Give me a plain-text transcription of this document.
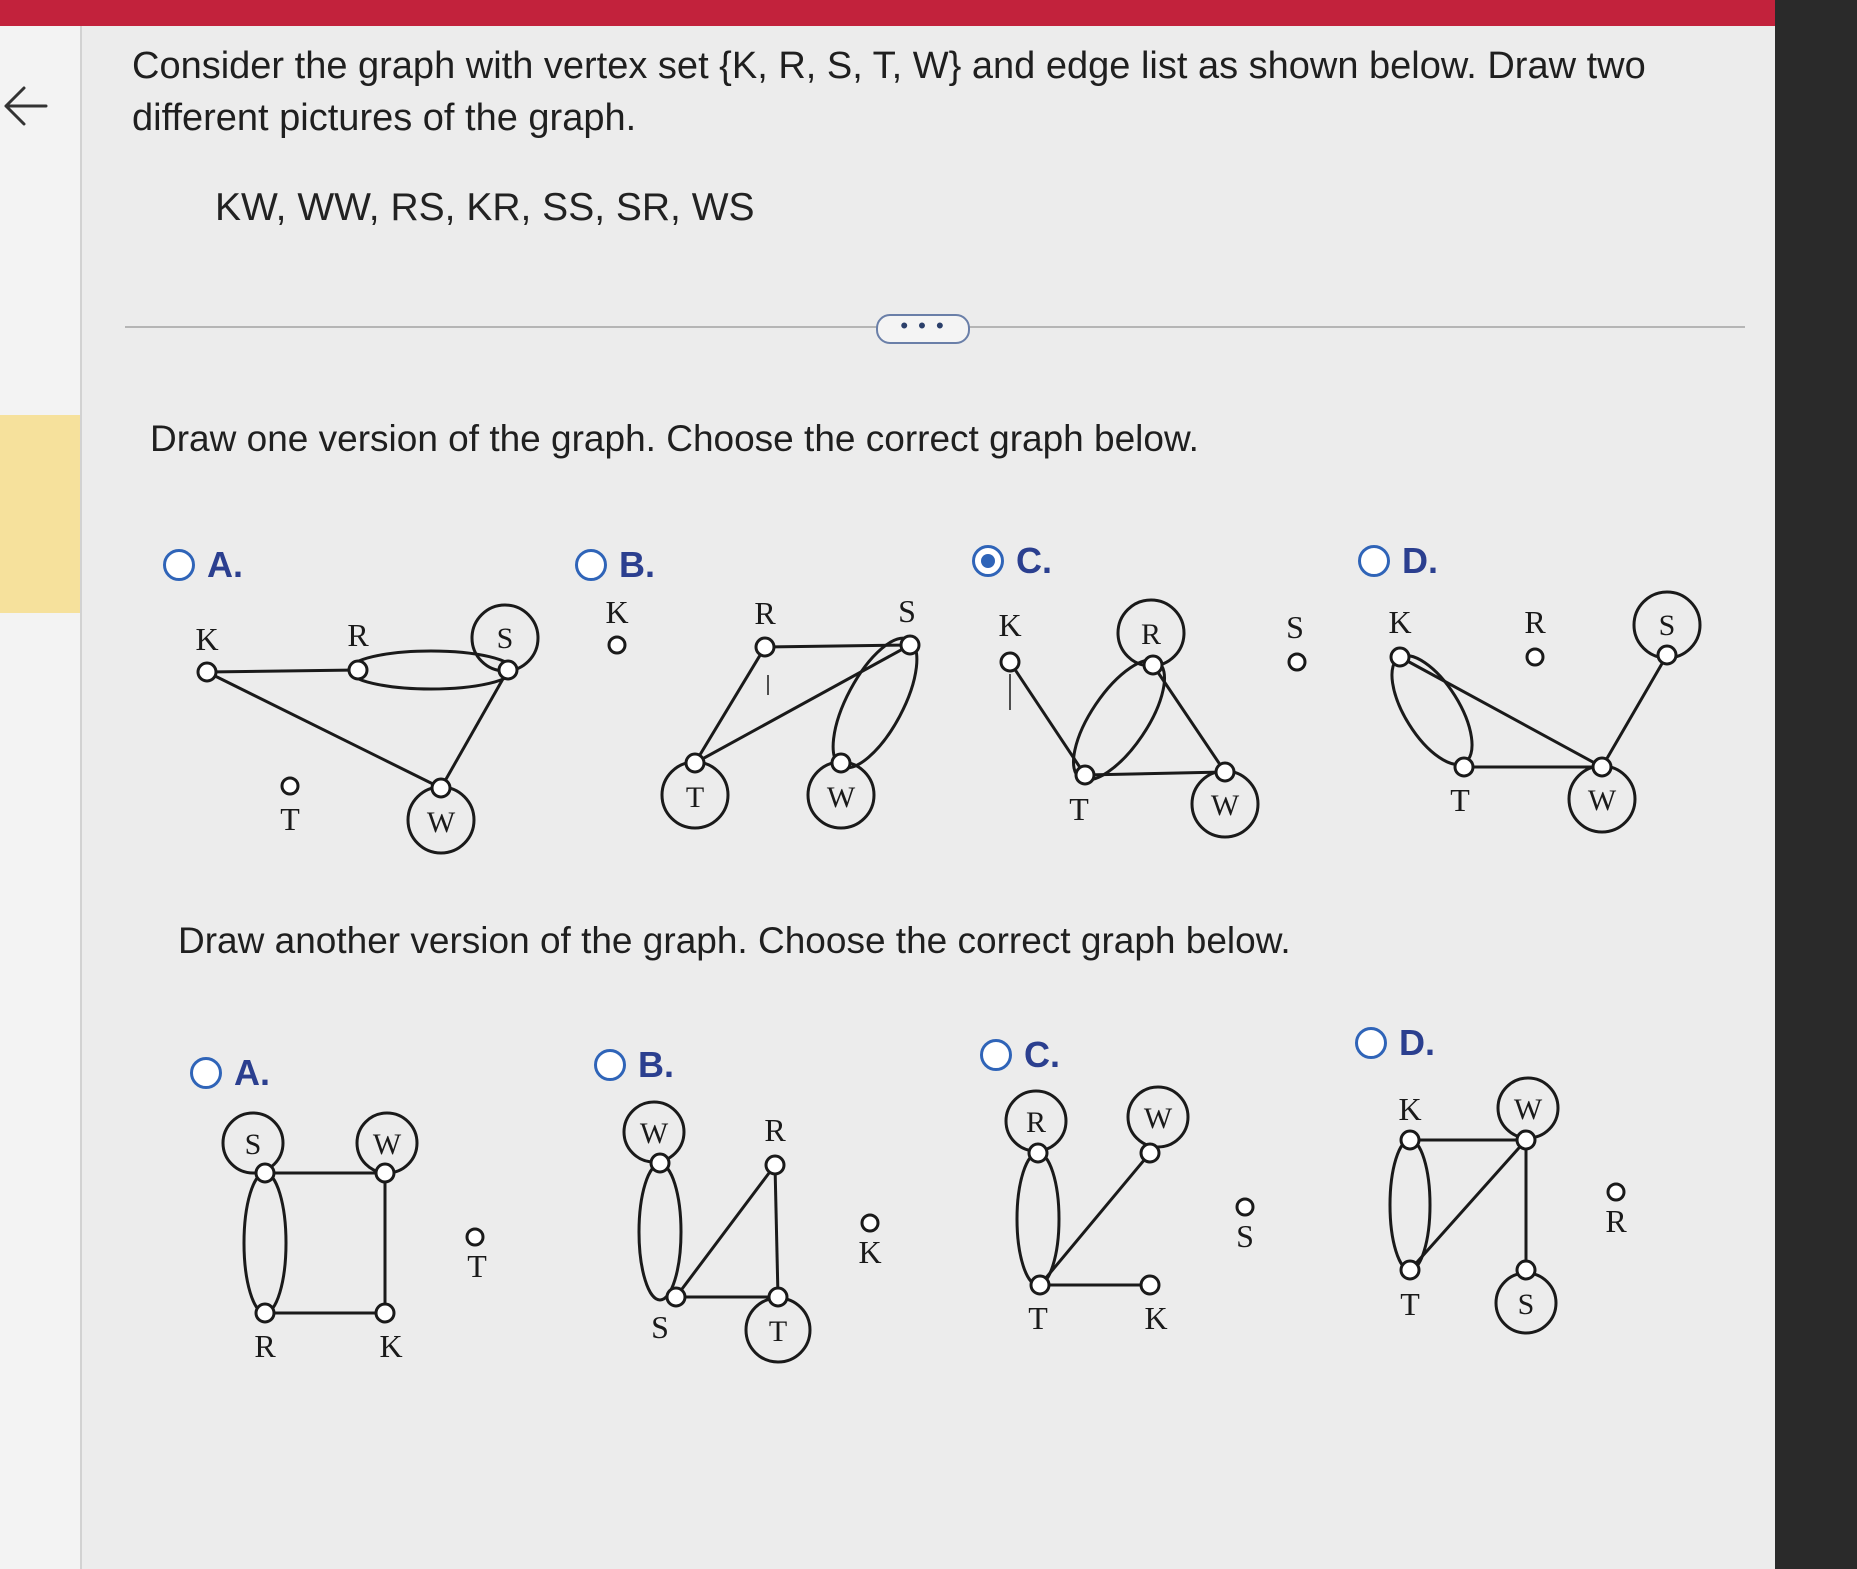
Consider the graph with vertex set {K, R, S, T, W} and edge list as shown below. Draw two different pictures of the graph.

KW, WW, RS, KR, SS, SR, WS
• • •
Draw one version of the graph. Choose the correct graph below.
A.	B.	C.	D.
K	R	S
T	W
K	R	S
T	W
K	R	S
T	W
K	R	S
T	W
Draw another version of the graph. Choose the correct graph below.
A.	B.	C.	D.
S	W
R	K
T
W	R
S	T
K
R	W
T	K
S
K	W
T	S
R
